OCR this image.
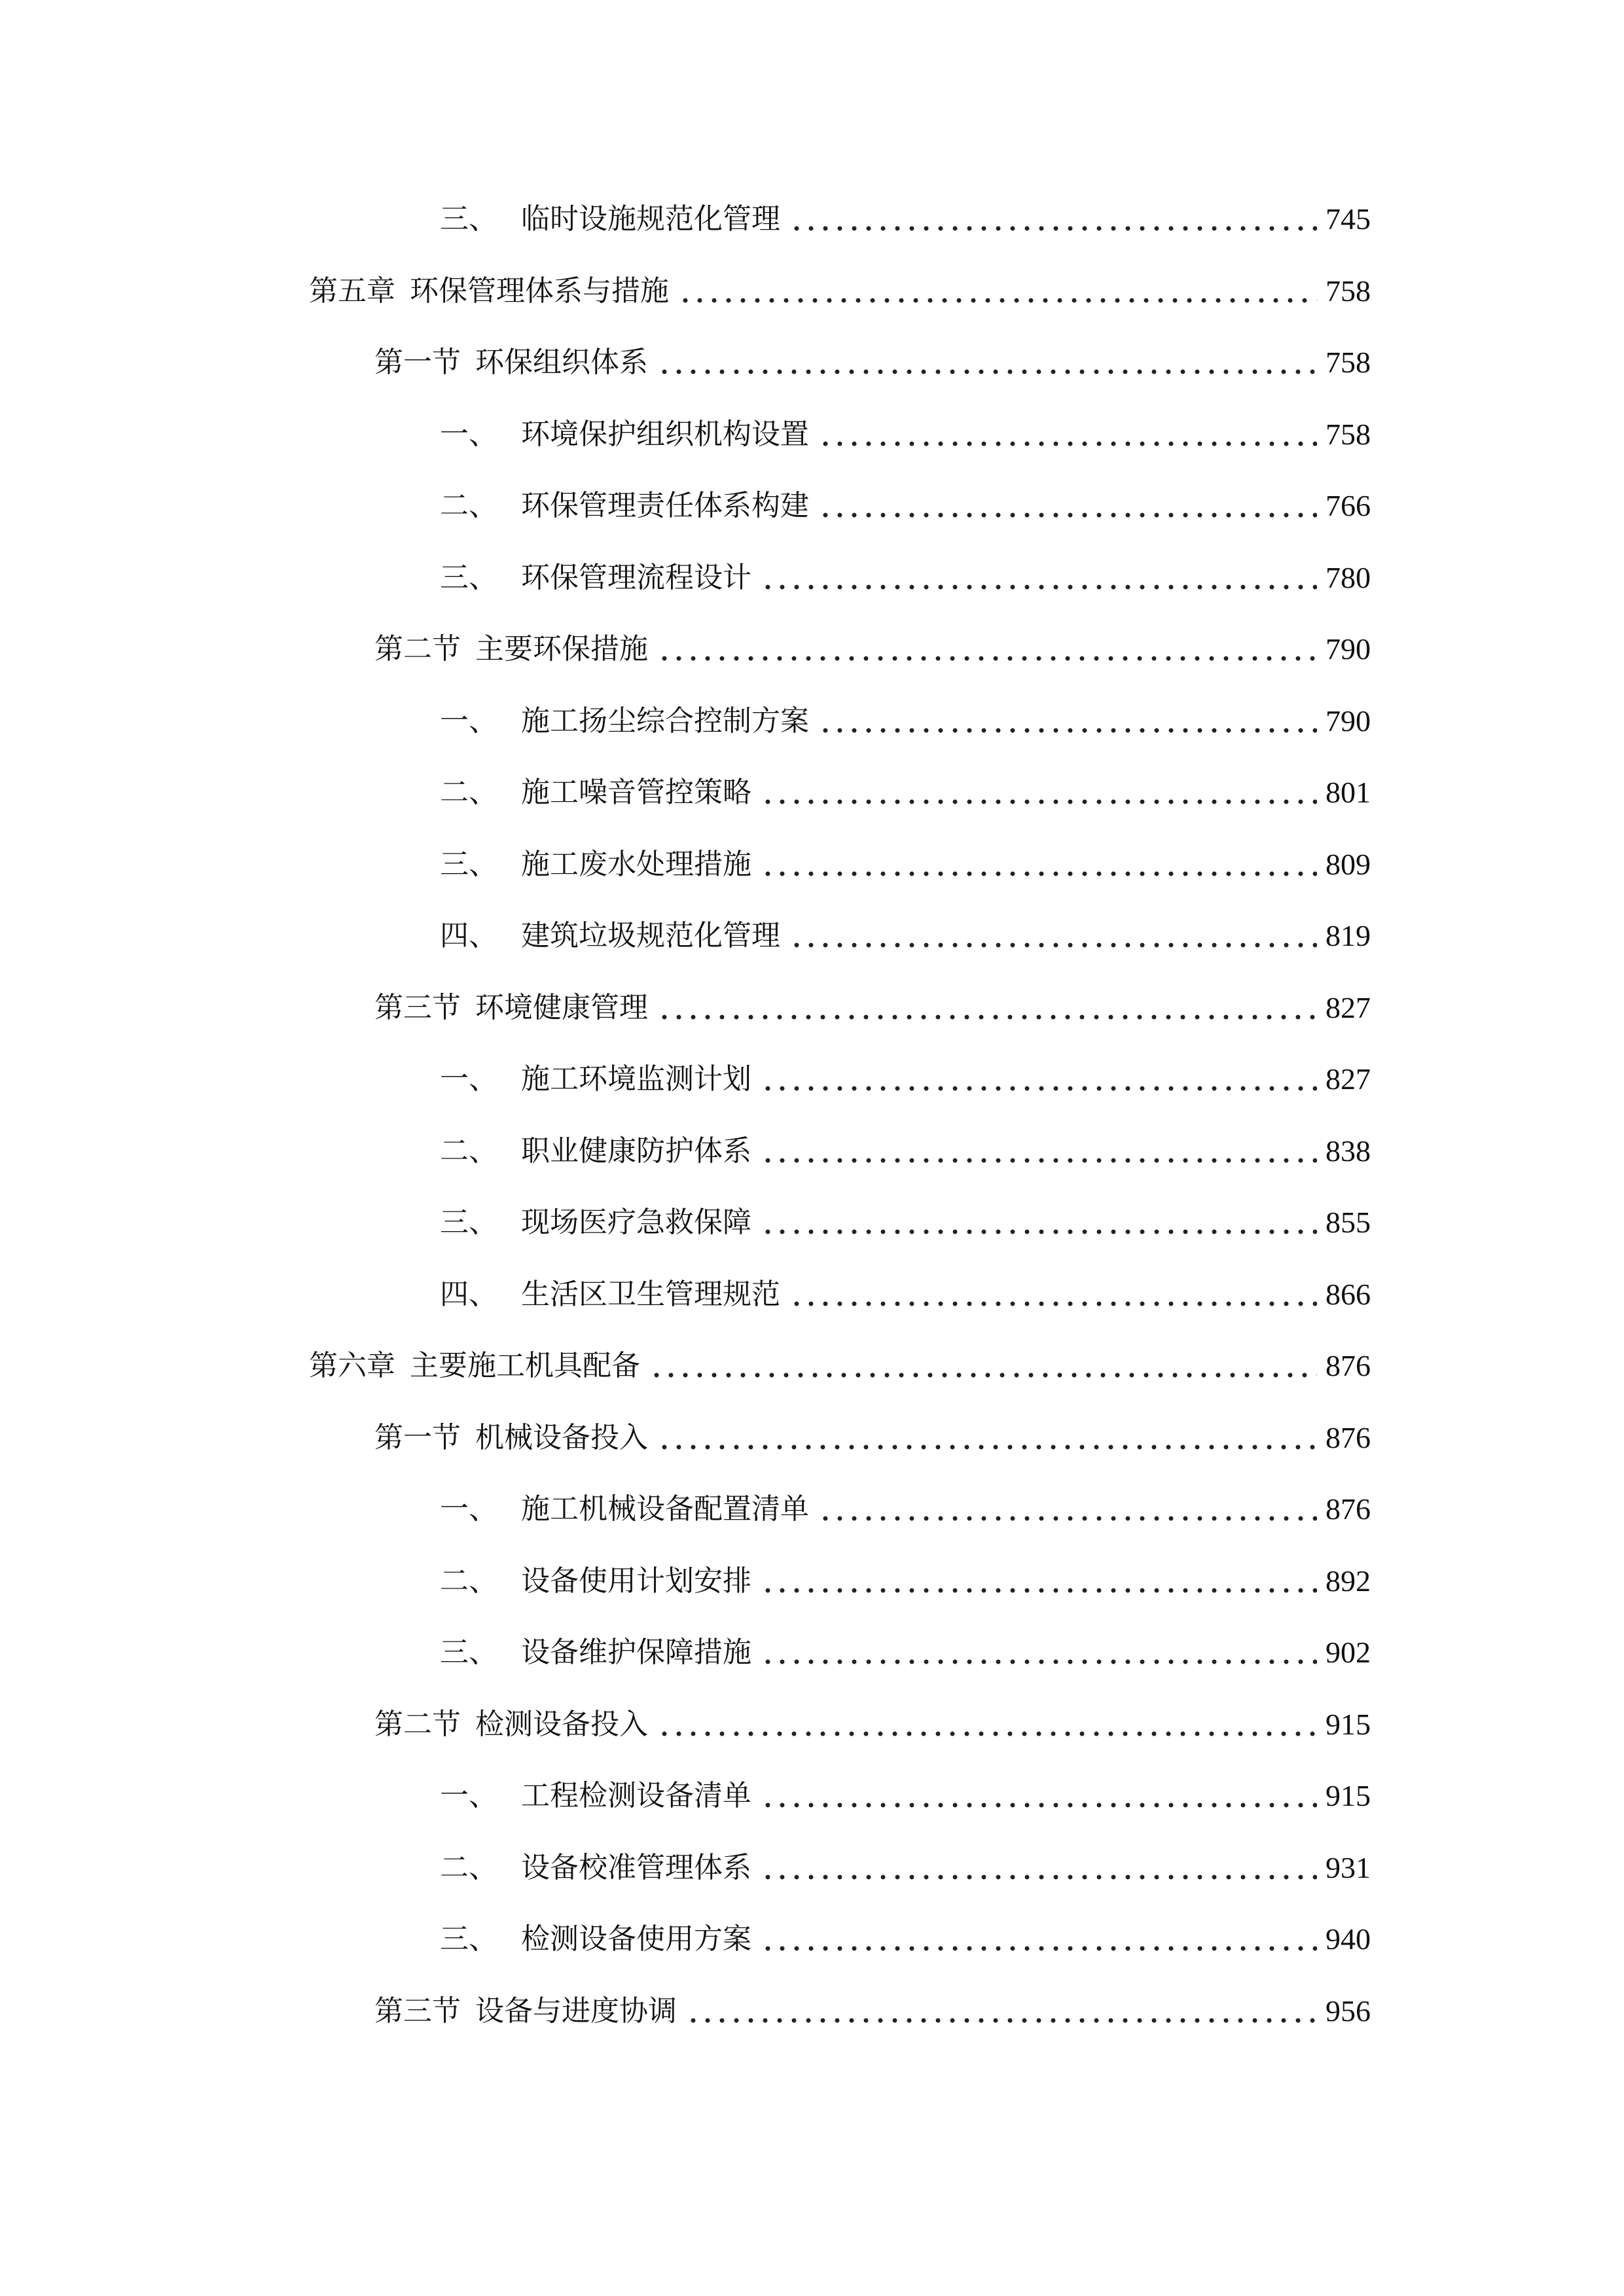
三、 临时设施规范化管理	745
第五章 环保管理体系与措施	758
第一节 环保组织体系	758
一、 环境保护组织机构设置	758
二、 环保管理责任体系构建	766
三、 环保管理流程设计	780
第二节 主要环保措施	790
一、 施工扬尘综合控制方案	790
二、 施工噪音管控策略	801
三、 施工废水处理措施	809
四、 建筑垃圾规范化管理	819
第三节 环境健康管理	827
一、 施工环境监测计划	827
二、 职业健康防护体系	838
三、 现场医疗急救保障	855
四、 生活区卫生管理规范	866
第六章 主要施工机具配备	876
第一节 机械设备投入	876
一、 施工机械设备配置清单	876
二、 设备使用计划安排	892
三、 设备维护保障措施	902
第二节 检测设备投入	915
一、 工程检测设备清单	915
二、 设备校准管理体系	931
三、 检测设备使用方案	940
第三节 设备与进度协调	956
